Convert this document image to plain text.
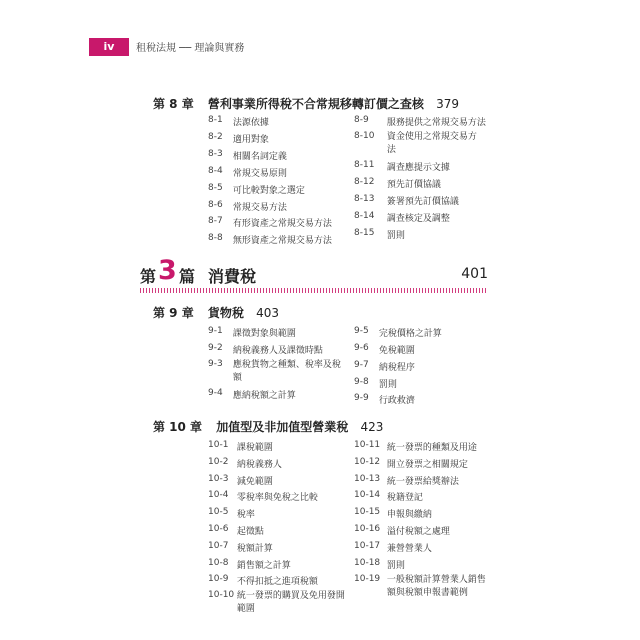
iv	租稅法規 ── 理論與實務
第 8 章 營利事業所得稅不合常規移轉訂價之查核 379
8-1 法源依據
8-2 適用對象
8-3 相關名詞定義
8-4 常規交易原則
8-5 可比較對象之選定
8-6 常規交易方法
8-7 有形資產之常規交易方法
8-8 無形資產之常規交易方法
8-9 服務提供之常規交易方法
8-10 資金使用之常規交易方法
8-11 調查應提示文據
8-12 預先訂價協議
8-13 簽署預先訂價協議
8-14 調查核定及調整
8-15 罰則
第 3 篇 消費稅	401
第 9 章 貨物稅 403
9-1 課徵對象與範圍
9-2 納稅義務人及課徵時點
9-3 應稅貨物之種類、稅率及稅額
9-4 應納稅額之計算
9-5 完稅價格之計算
9-6 免稅範圍
9-7 納稅程序
9-8 罰則
9-9 行政救濟
第 10 章 加值型及非加值型營業稅 423
10-1 課稅範圍
10-2 納稅義務人
10-3 減免範圍
10-4 零稅率與免稅之比較
10-5 稅率
10-6 起徵點
10-7 稅額計算
10-8 銷售額之計算
10-9 不得扣抵之進項稅額
10-10 統一發票的購買及免用發開範圍
10-11 統一發票的種類及用途
10-12 開立發票之相關規定
10-13 統一發票給獎辦法
10-14 稅籍登記
10-15 申報與繳納
10-16 溢付稅額之處理
10-17 兼營營業人
10-18 罰則
10-19 一般稅額計算營業人銷售額與稅額申報書範例
